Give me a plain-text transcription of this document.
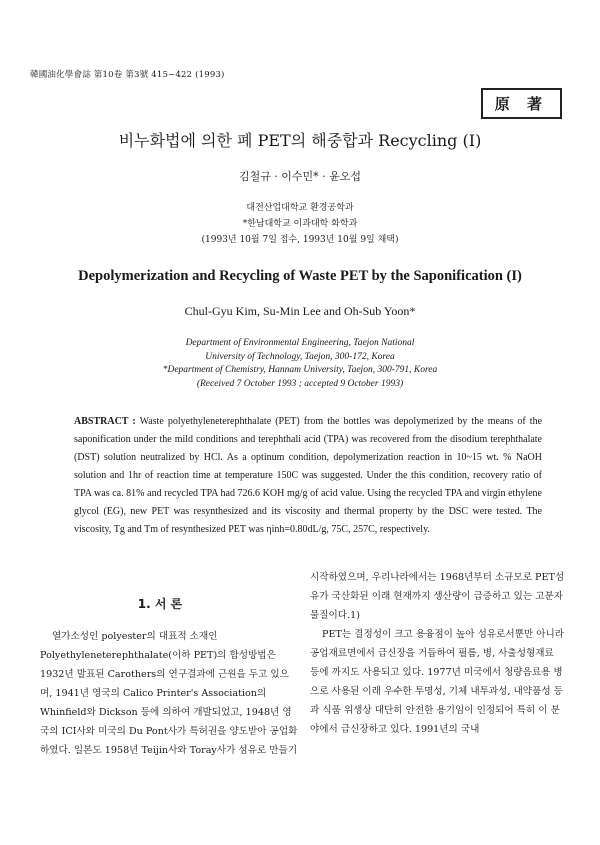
韓國油化學會誌 第10卷 第3號 415~422 (1993)
原 著
비누화법에 의한 폐 PET의 해중합과 Recycling (I)
김철규 · 이수민* · 윤오섭
대전산업대학교 환경공학과
*한남대학교 이과대학 화학과
(1993년 10월 7일 접수, 1993년 10월 9일 채택)
Depolymerization and Recycling of Waste PET by the Saponification (I)
Chul-Gyu Kim, Su-Min Lee and Oh-Sub Yoon*
Department of Environmental Engineering, Taejon National
University of Technology, Taejon, 300-172, Korea
*Department of Chemistry, Hannam University, Taejon, 300-791, Korea
(Received 7 October 1993 ; accepted 9 October 1993)
ABSTRACT : Waste polyethyleneterephthalate (PET) from the bottles was depolymerized by the means of the saponification under the mild conditions and terephthali acid (TPA) was recovered from the disodium terephthalate (DST) solution neutralized by HCl. As a optinum condition, depolymerization reaction in 10~15 wt. % NaOH solution and 1hr of reaction time at temperature 150C was suggested. Under the this condition, recovery ratio of TPA was ca. 81% and recycled TPA had 726.6 KOH mg/g of acid value. Using the recycled TPA and virgin ethylene glycol (EG), new PET was resynthesized and its viscosity and thermal property by the DSC were tested. The viscosity, Tg and Tm of resynthesized PET was ηinh=0.80dL/g, 75C, 257C, respectively.
1. 서 론

열가소성인 polyester의 대표적 소재인 Polyethyleneterephthalate(이하 PET)의 합성방법은 1932년 발표된 Carothers의 연구결과에 근원을 두고 있으며, 1941년 영국의 Calico Printer's Association의 Whinfield와 Dickson 등에 의하여 개발되었고, 1948년 영국의 ICI사와 미국의 Du Pont사가 특허권을 양도받아 공업화하였다. 일본도 1958년 Teijin사와 Toray사가 섬유로 만들기

시작하였으며, 우리나라에서는 1968년부터 소규모로 PET섬유가 국산화된 이래 현재까지 생산량이 급증하고 있는 고분자물질이다.1)

PET는 결정성이 크고 용융점이 높아 섬유로서뿐만 아니라 공업재료면에서 급신장을 거듭하여 필름, 병, 사출성형재료 등에 까지도 사용되고 있다. 1977년 미국에서 청량음료용 병으로 사용된 이래 우수한 투명성, 기체 내투과성, 내약품성 등과 식품 위생상 대단히 안전한 용기임이 인정되어 특히 이 분야에서 급신장하고 있다. 1991년의 국내
